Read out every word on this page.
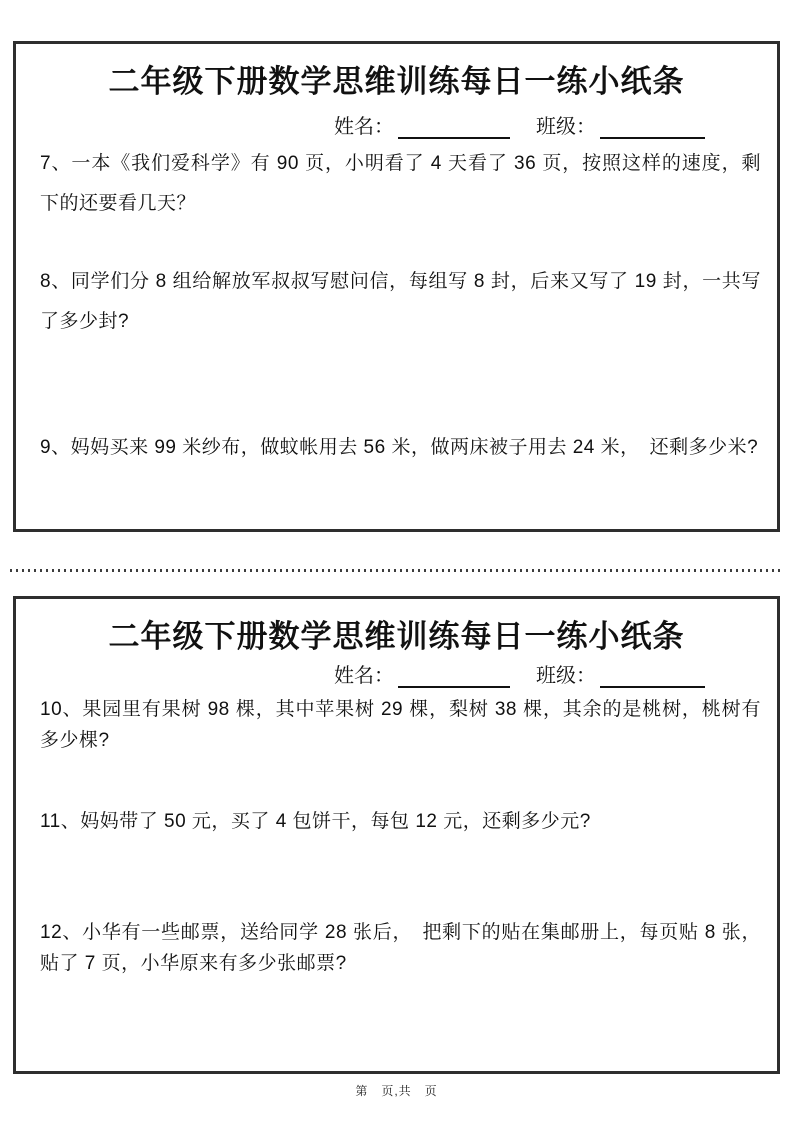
二年级下册数学思维训练每日一练小纸条
姓名：	班级：
7、一本《我们爱科学》有 90 页，小明看了 4 天看了 36 页，按照这样的速度，剩下的还要看几天？
8、同学们分 8 组给解放军叔叔写慰问信，每组写 8 封，后来又写了 19 封，一共写了多少封?
9、妈妈买来 99 米纱布，做蚊帐用去 56 米，做两床被子用去 24 米，　还剩多少米?
二年级下册数学思维训练每日一练小纸条
姓名：	班级：
10、果园里有果树 98 棵，其中苹果树 29 棵，梨树 38 棵，其余的是桃树，桃树有多少棵?
11、妈妈带了 50 元，买了 4 包饼干，每包 12 元，还剩多少元?
12、小华有一些邮票，送给同学 28 张后，　把剩下的贴在集邮册上，每页贴 8 张，贴了 7 页，小华原来有多少张邮票?
第　页,共　页
